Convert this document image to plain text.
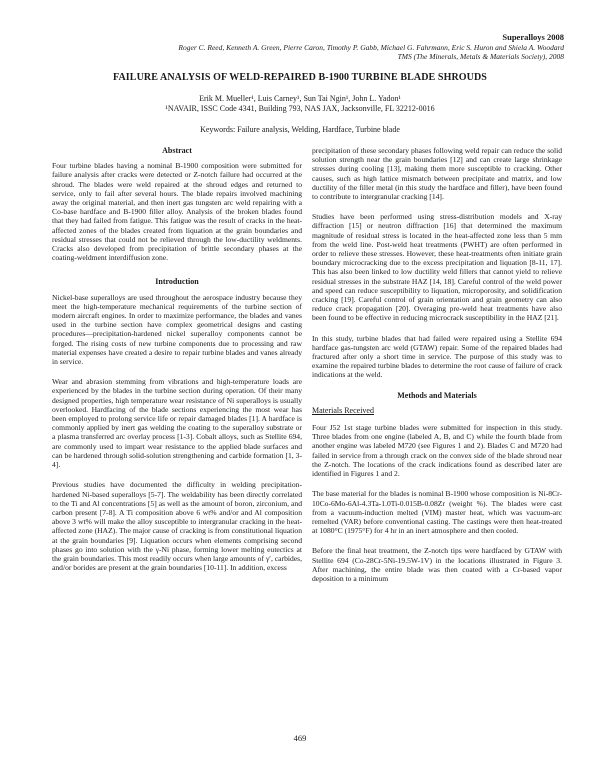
Superalloys 2008
Roger C. Reed, Kenneth A. Green, Pierre Caron, Timothy P. Gabb, Michael G. Fahrmann, Eric S. Huron and Shiela A. Woodard
TMS (The Minerals, Metals & Materials Society), 2008
FAILURE ANALYSIS OF WELD-REPAIRED B-1900 TURBINE BLADE SHROUDS
Erik M. Mueller¹, Luis Carney¹, Sun Tai Ngin¹, John L. Yadon¹
¹NAVAIR, ISSC Code 4341, Building 793, NAS JAX, Jacksonville, FL 32212-0016
Keywords: Failure analysis, Welding, Hardface, Turbine blade
Abstract

Four turbine blades having a nominal B-1900 composition were submitted for failure analysis after cracks were detected or Z-notch failure had occurred at the shroud. The blades were weld repaired at the shroud edges and returned to service, only to fail after several hours. The blade repairs involved machining away the original material, and then inert gas tungsten arc weld repairing with a Co-base hardface and B-1900 filler alloy. Analysis of the broken blades found that they had failed from fatigue. This fatigue was the result of cracks in the heat-affected zones of the blades created from liquation at the grain boundaries and residual stresses that could not be relieved through the low-ductility weldments. Cracks also developed from precipitation of brittle secondary phases at the coating-weldment interdiffusion zone.

Introduction

Nickel-base superalloys are used throughout the aerospace industry because they meet the high-temperature mechanical requirements of the turbine section of modern aircraft engines. In order to maximize performance, the blades and vanes used in the turbine section have complex geometrical designs and casting procedures—precipitation-hardened nickel superalloy components cannot be forged. The rising costs of new turbine components due to processing and raw material expenses have created a desire to repair turbine blades and vanes already in service.

Wear and abrasion stemming from vibrations and high-temperature loads are experienced by the blades in the turbine section during operation. Of their many designed properties, high temperature wear resistance of Ni superalloys is usually overlooked. Hardfacing of the blade sections experiencing the most wear has been employed to prolong service life or repair damaged blades [1]. A hardface is commonly applied by inert gas welding the coating to the superalloy substrate or a plasma transferred arc overlay process [1-3]. Cobalt alloys, such as Stellite 694, are commonly used to impart wear resistance to the applied blade surfaces and can be hardened through solid-solution strengthening and carbide formation [1, 3-4].

Previous studies have documented the difficulty in welding precipitation-hardened Ni-based superalloys [5-7]. The weldability has been directly correlated to the Ti and Al concentrations [5] as well as the amount of boron, zirconium, and carbon present [7-8]. A Ti composition above 6 wt% and/or and Al composition above 3 wt% will make the alloy susceptible to intergranular cracking in the heat-affected zone (HAZ). The major cause of cracking is from constitutional liquation at the grain boundaries [9]. Liquation occurs when elements comprising second phases go into solution with the γ-Ni phase, forming lower melting eutectics at the grain boundaries. This most readily occurs when large amounts of γ′, carbides, and/or borides are present at the grain boundaries [10-11]. In addition, excess

precipitation of these secondary phases following weld repair can reduce the solid solution strength near the grain boundaries [12] and can create large shrinkage stresses during cooling [13], making them more susceptible to cracking. Other causes, such as high lattice mismatch between precipitate and matrix, and low ductility of the filler metal (in this study the hardface and filler), have been found to contribute to intergranular cracking [14].

Studies have been performed using stress-distribution models and X-ray diffraction [15] or neutron diffraction [16] that determined the maximum magnitude of residual stress is located in the heat-affected zone less than 5 mm from the weld line. Post-weld heat treatments (PWHT) are often performed in order to relieve these stresses. However, these heat-treatments often initiate grain boundary microcracking due to the excess precipitation and liquation [8-11, 17]. This has also been linked to low ductility weld fillers that cannot yield to relieve residual stresses in the substrate HAZ [14, 18]. Careful control of the weld power and speed can reduce susceptibility to liquation, microporosity, and solidification cracking [19]. Careful control of grain orientation and grain geometry can also reduce crack propagation [20]. Overaging pre-weld heat treatments have also been found to be effective in reducing microcrack susceptibility in the HAZ [21].

In this study, turbine blades that had failed were repaired using a Stellite 694 hardface gas-tungsten arc weld (GTAW) repair. Some of the repaired blades had fractured after only a short time in service. The purpose of this study was to examine the repaired turbine blades to determine the root cause of failure of crack indications at the weld.

Methods and Materials
Materials Received

Four J52 1st stage turbine blades were submitted for inspection in this study. Three blades from one engine (labeled A, B, and C) while the fourth blade from another engine was labeled M720 (see Figures 1 and 2). Blades C and M720 had failed in service from a through crack on the convex side of the blade shroud near the Z-notch. The locations of the crack indications found as described later are identified in Figures 1 and 2.

The base material for the blades is nominal B-1900 whose composition is Ni-8Cr-10Co-6Mo-6Al-4.3Ta-1.0Ti-0.015B-0.08Zr (weight %). The blades were cast from a vacuum-induction melted (VIM) master heat, which was vacuum-arc remelted (VAR) before conventional casting. The castings were then heat-treated at 1080°C (1975°F) for 4 hr in an inert atmosphere and then cooled.

Before the final heat treatment, the Z-notch tips were hardfaced by GTAW with Stellite 694 (Co-28Cr-5Ni-19.5W-1V) in the locations illustrated in Figure 3. After machining, the entire blade was then coated with a Cr-based vapor deposition to a minimum

469
